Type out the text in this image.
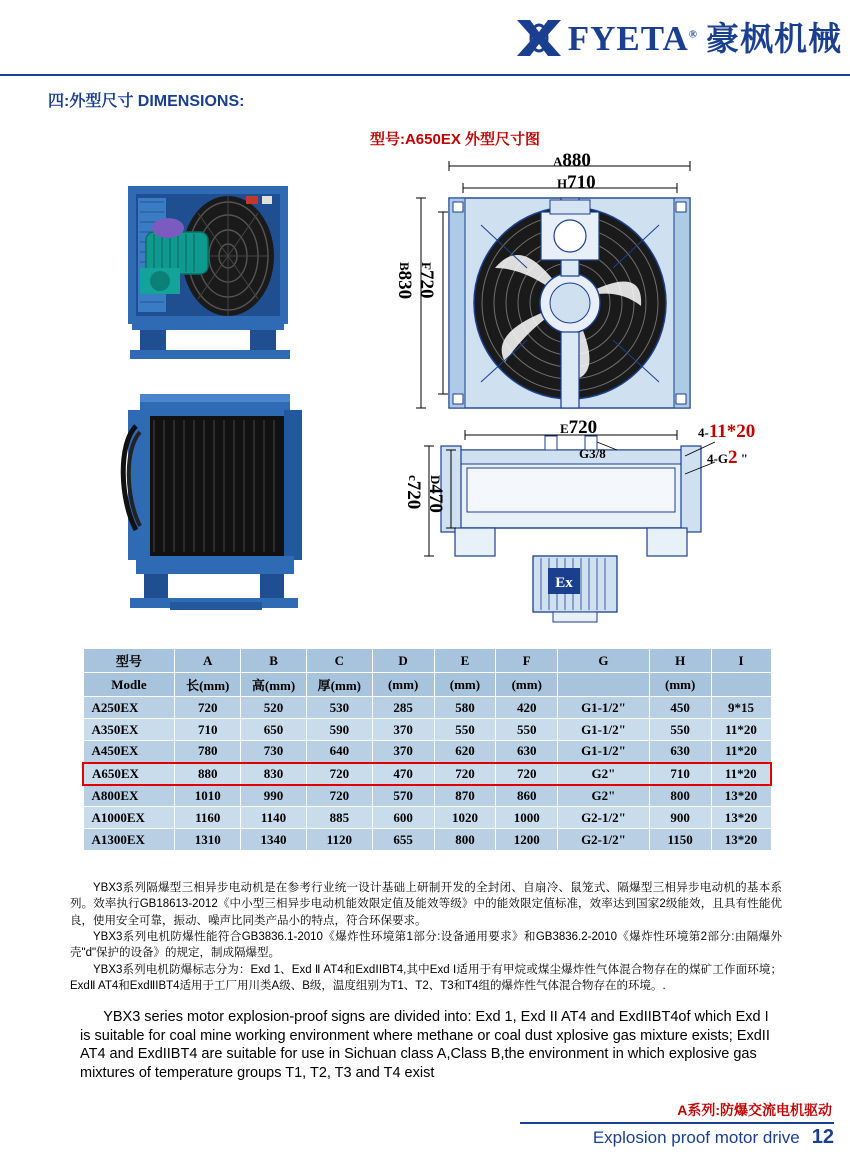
FYETA® 豪枫机械
四:外型尺寸 DIMENSIONS:
型号:A650EX 外型尺寸图
A880
H710
B830
F720
E720
G3/8
4-11*20
4-G2 "
c720
D470
Ex
型号	A	B	C	D	E	F	G	H	I
Modle	长(mm)	高(mm)	厚(mm)	(mm)	(mm)	(mm)		(mm)	
A250EX	720	520	530	285	580	420	G1-1/2"	450	9*15
A350EX	710	650	590	370	550	550	G1-1/2"	550	11*20
A450EX	780	730	640	370	620	630	G1-1/2"	630	11*20
A650EX	880	830	720	470	720	720	G2"	710	11*20
A800EX	1010	990	720	570	870	860	G2"	800	13*20
A1000EX	1160	1140	885	600	1020	1000	G2-1/2"	900	13*20
A1300EX	1310	1340	1120	655	800	1200	G2-1/2"	1150	13*20

YBX3系列隔爆型三相异步电动机是在参考行业统一设计基础上研制开发的全封闭、自扇冷、鼠笼式、隔爆型三相异步电动机的基本系列。效率执行GB18613-2012《中小型三相异步电动机能效限定值及能效等级》中的能效限定值标准，效率达到国家2级能效，且具有性能优良，使用安全可靠，振动、噪声比同类产品小的特点，符合环保要求。

YBX3系列电机防爆性能符合GB3836.1-2010《爆炸性环境第1部分:设备通用要求》和GB3836.2-2010《爆炸性环境第2部分:由隔爆外壳"d"保护的设备》的规定，制成隔爆型。

YBX3系列电机防爆标志分为：Exd 1、Exd Ⅱ AT4和ExdⅠIBT4,其中Exd Ⅰ适用于有甲烷或煤尘爆炸性气体混合物存在的煤矿工作面环境；ExdⅡ AT4和ExdⅡIBT4适用于工厂用川类A级、B级，温度组别为T1、T2、T3和T4组的爆炸性气体混合物存在的环境。.

YBX3 series motor explosion-proof signs are divided into: Exd 1, Exd II AT4 and ExdIIBT4of which Exd I is suitable for coal mine working environment where methane or coal dust xplosive gas mixture exists; ExdII AT4 and ExdIIBT4 are suitable for use in Sichuan class A,Class B,the environment in which explosive gas mixtures of temperature groups T1, T2, T3 and T4 exist

A系列:防爆交流电机驱动
Explosion proof motor drive 12
